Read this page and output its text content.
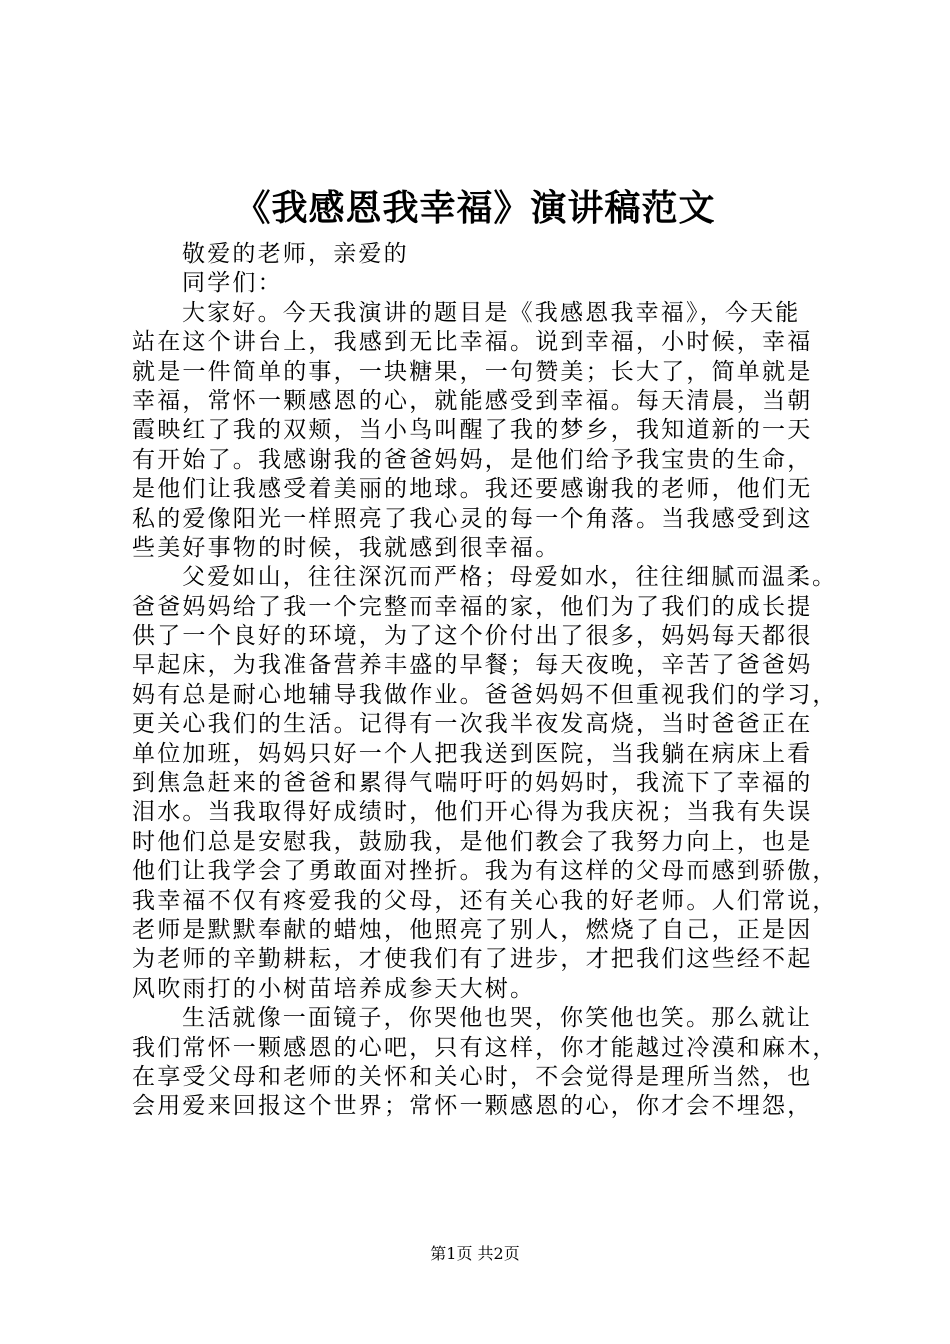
《我感恩我幸福》演讲稿范文
敬爱的老师，亲爱的
同学们：
大家好。今天我演讲的题目是《我感恩我幸福》，今天能
站在这个讲台上，我感到无比幸福。说到幸福，小时候，幸福
就是一件简单的事，一块糖果，一句赞美；长大了，简单就是
幸福，常怀一颗感恩的心，就能感受到幸福。每天清晨，当朝
霞映红了我的双颊，当小鸟叫醒了我的梦乡，我知道新的一天
有开始了。我感谢我的爸爸妈妈，是他们给予我宝贵的生命，
是他们让我感受着美丽的地球。我还要感谢我的老师，他们无
私的爱像阳光一样照亮了我心灵的每一个角落。当我感受到这
些美好事物的时候，我就感到很幸福。
父爱如山，往往深沉而严格；母爱如水，往往细腻而温柔。
爸爸妈妈给了我一个完整而幸福的家，他们为了我们的成长提
供了一个良好的环境，为了这个价付出了很多，妈妈每天都很
早起床，为我准备营养丰盛的早餐；每天夜晚，辛苦了爸爸妈
妈有总是耐心地辅导我做作业。爸爸妈妈不但重视我们的学习，
更关心我们的生活。记得有一次我半夜发高烧，当时爸爸正在
单位加班，妈妈只好一个人把我送到医院，当我躺在病床上看
到焦急赶来的爸爸和累得气喘吁吁的妈妈时，我流下了幸福的
泪水。当我取得好成绩时，他们开心得为我庆祝；当我有失误
时他们总是安慰我，鼓励我，是他们教会了我努力向上，也是
他们让我学会了勇敢面对挫折。我为有这样的父母而感到骄傲，
我幸福不仅有疼爱我的父母，还有关心我的好老师。人们常说，
老师是默默奉献的蜡烛，他照亮了别人，燃烧了自己，正是因
为老师的辛勤耕耘，才使我们有了进步，才把我们这些经不起
风吹雨打的小树苗培养成参天大树。
生活就像一面镜子，你哭他也哭，你笑他也笑。那么就让
我们常怀一颗感恩的心吧，只有这样，你才能越过冷漠和麻木，
在享受父母和老师的关怀和关心时，不会觉得是理所当然，也
会用爱来回报这个世界；常怀一颗感恩的心，你才会不埋怨，
第1页 共2页
